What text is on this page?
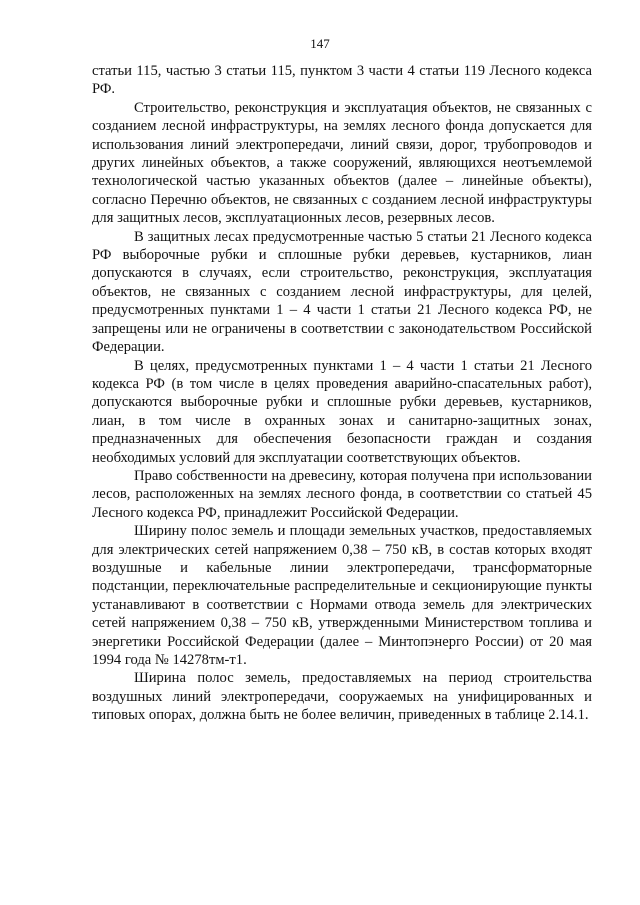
147

статьи 115, частью 3 статьи 115, пунктом 3 части 4 статьи 119 Лесного кодекса РФ.

Строительство, реконструкция и эксплуатация объектов, не связанных с созданием лесной инфраструктуры, на землях лесного фонда допускается для использования линий электропередачи, линий связи, дорог, трубопроводов и других линейных объектов, а также сооружений, являющихся неотъемлемой технологической частью указанных объектов (далее – линейные объекты), согласно Перечню объектов, не связанных с созданием лесной инфраструктуры для защитных лесов, эксплуатационных лесов, резервных лесов.

В защитных лесах предусмотренные частью 5 статьи 21 Лесного кодекса РФ выборочные рубки и сплошные рубки деревьев, кустарников, лиан допускаются в случаях, если строительство, реконструкция, эксплуатация объектов, не связанных с созданием лесной инфраструктуры, для целей, предусмотренных пунктами 1 – 4 части 1 статьи 21 Лесного кодекса РФ, не запрещены или не ограничены в соответствии с законодательством Российской Федерации.

В целях, предусмотренных пунктами 1 – 4 части 1 статьи 21 Лесного кодекса РФ (в том числе в целях проведения аварийно-спасательных работ), допускаются выборочные рубки и сплошные рубки деревьев, кустарников, лиан, в том числе в охранных зонах и санитарно-защитных зонах, предназначенных для обеспечения безопасности граждан и создания необходимых условий для эксплуатации соответствующих объектов.

Право собственности на древесину, которая получена при использовании лесов, расположенных на землях лесного фонда, в соответствии со статьей 45 Лесного кодекса РФ, принадлежит Российской Федерации.

Ширину полос земель и площади земельных участков, предоставляемых для электрических сетей напряжением 0,38 – 750 кВ, в состав которых входят воздушные и кабельные линии электропередачи, трансформаторные подстанции, переключательные распределительные и секционирующие пункты устанавливают в соответствии с Нормами отвода земель для электрических сетей напряжением 0,38 – 750 кВ, утвержденными Министерством топлива и энергетики Российской Федерации (далее – Минтопэнерго России) от 20 мая 1994 года № 14278тм-т1.

Ширина полос земель, предоставляемых на период строительства воздушных линий электропередачи, сооружаемых на унифицированных и типовых опорах, должна быть не более величин, приведенных в таблице 2.14.1.
